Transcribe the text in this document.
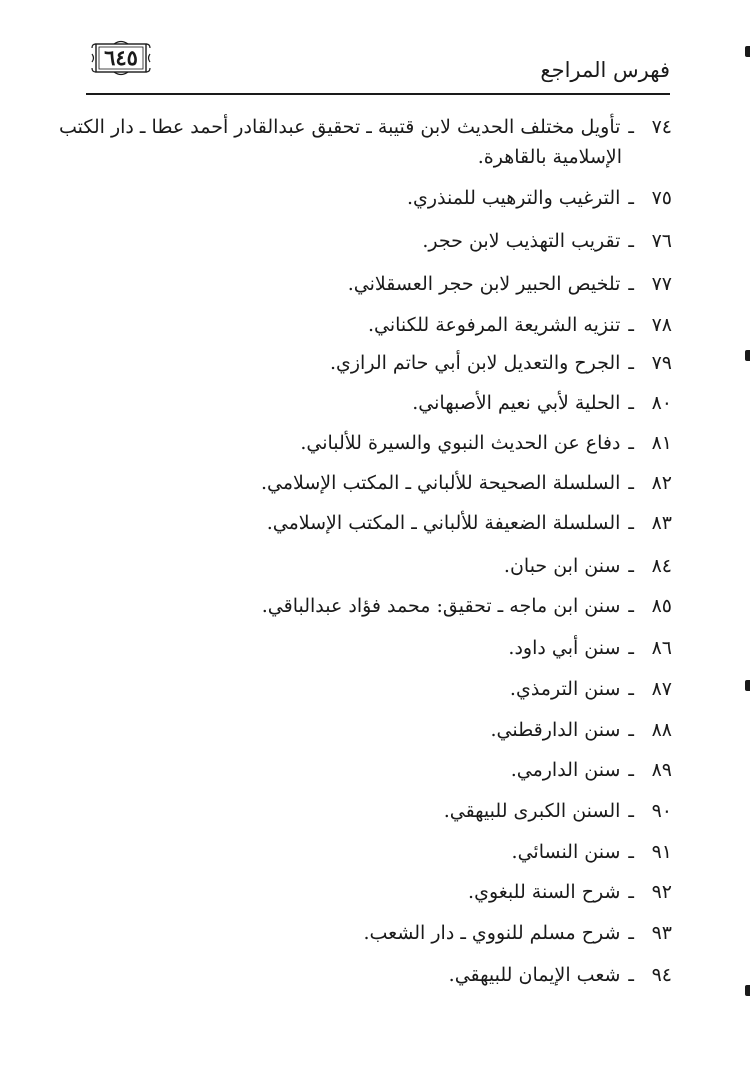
٦٤٥	فهرس المراجع
٧٤ـتأويل مختلف الحديث لابن قتيبة ـ تحقيق عبدالقادر أحمد عطا ـ دار الكتب
الإسلامية بالقاهرة.
٧٥ـالترغيب والترهيب للمنذري.
٧٦ـتقريب التهذيب لابن حجر.
٧٧ـتلخيص الحبير لابن حجر العسقلاني.
٧٨ـتنزيه الشريعة المرفوعة للكناني.
٧٩ـالجرح والتعديل لابن أبي حاتم الرازي.
٨٠ـالحلية لأبي نعيم الأصبهاني.
٨١ـدفاع عن الحديث النبوي والسيرة للألباني.
٨٢ـالسلسلة الصحيحة للألباني ـ المكتب الإسلامي.
٨٣ـالسلسلة الضعيفة للألباني ـ المكتب الإسلامي.
٨٤ـسنن ابن حبان.
٨٥ـسنن ابن ماجه ـ تحقيق: محمد فؤاد عبدالباقي.
٨٦ـسنن أبي داود.
٨٧ـسنن الترمذي.
٨٨ـسنن الدارقطني.
٨٩ـسنن الدارمي.
٩٠ـالسنن الكبرى للبيهقي.
٩١ـسنن النسائي.
٩٢ـشرح السنة للبغوي.
٩٣ـشرح مسلم للنووي ـ دار الشعب.
٩٤ـشعب الإيمان للبيهقي.
